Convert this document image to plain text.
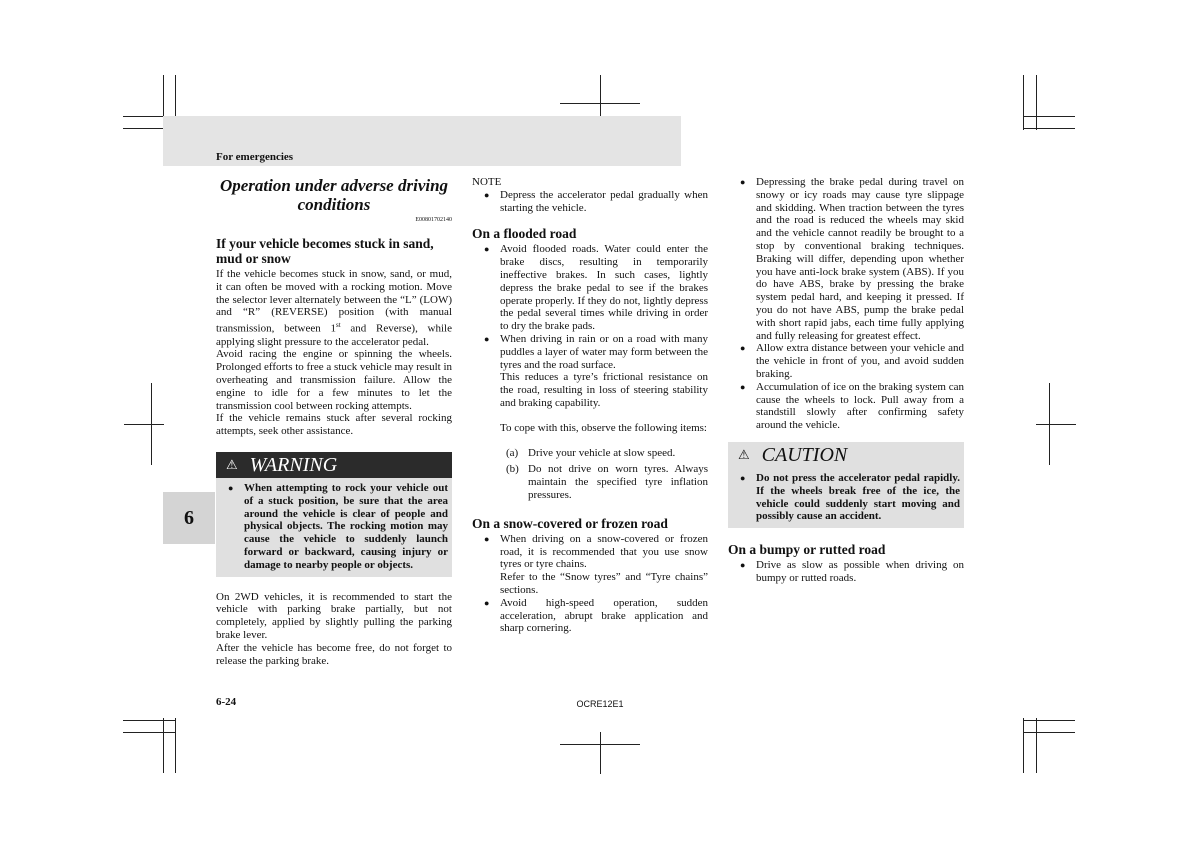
For emergencies
6
Operation under adverse driving
conditions
E00801702140
If your vehicle becomes stuck in sand, mud or snow

If the vehicle becomes stuck in snow, sand, or mud, it can often be moved with a rocking motion. Move the selector lever alternately between the “L” (LOW) and “R” (REVERSE) position (with manual transmission, between 1st and Reverse), while applying slight pressure to the accelerator pedal.

Avoid racing the engine or spinning the wheels. Prolonged efforts to free a stuck vehicle may result in overheating and transmission failure. Allow the engine to idle for a few minutes to let the transmission cool between rocking attempts.

If the vehicle remains stuck after several rocking attempts, seek other assistance.

⚠ WARNING
● When attempting to rock your vehicle out of a stuck position, be sure that the area around the vehicle is clear of people and physical objects. The rocking motion may cause the vehicle to suddenly launch forward or backward, causing injury or damage to nearby people or objects.

On 2WD vehicles, it is recommended to start the vehicle with parking brake partially, but not completely, applied by slightly pulling the parking brake lever.

After the vehicle has become free, do not forget to release the parking brake.

NOTE
● Depress the accelerator pedal gradually when starting the vehicle.
On a flooded road
● Avoid flooded roads. Water could enter the brake discs, resulting in temporarily ineffective brakes. In such cases, lightly depress the brake pedal to see if the brakes operate properly. If they do not, lightly depress the pedal several times while driving in order to dry the brake pads.
● When driving in rain or on a road with many puddles a layer of water may form between the tyres and the road surface.
This reduces a tyre’s frictional resistance on the road, resulting in loss of steering stability and braking capability.
To cope with this, observe the following items:
(a) Drive your vehicle at slow speed.
(b) Do not drive on worn tyres. Always maintain the specified tyre inflation pressures.
On a snow-covered or frozen road
● When driving on a snow-covered or frozen road, it is recommended that you use snow tyres or tyre chains.
Refer to the “Snow tyres” and “Tyre chains” sections.
● Avoid high-speed operation, sudden acceleration, abrupt brake application and sharp cornering.
● Depressing the brake pedal during travel on snowy or icy roads may cause tyre slippage and skidding. When traction between the tyres and the road is reduced the wheels may skid and the vehicle cannot readily be brought to a stop by conventional braking techniques. Braking will differ, depending upon whether you have anti-lock brake system (ABS). If you do have ABS, brake by pressing the brake system pedal hard, and keeping it pressed. If you do not have ABS, pump the brake pedal with short rapid jabs, each time fully applying and fully releasing for greatest effect.
● Allow extra distance between your vehicle and the vehicle in front of you, and avoid sudden braking.
● Accumulation of ice on the braking system can cause the wheels to lock. Pull away from a standstill slowly after confirming safety around the vehicle.
⚠ CAUTION
● Do not press the accelerator pedal rapidly. If the wheels break free of the ice, the vehicle could suddenly start moving and possibly cause an accident.
On a bumpy or rutted road
● Drive as slow as possible when driving on bumpy or rutted roads.
6-24	OCRE12E1
